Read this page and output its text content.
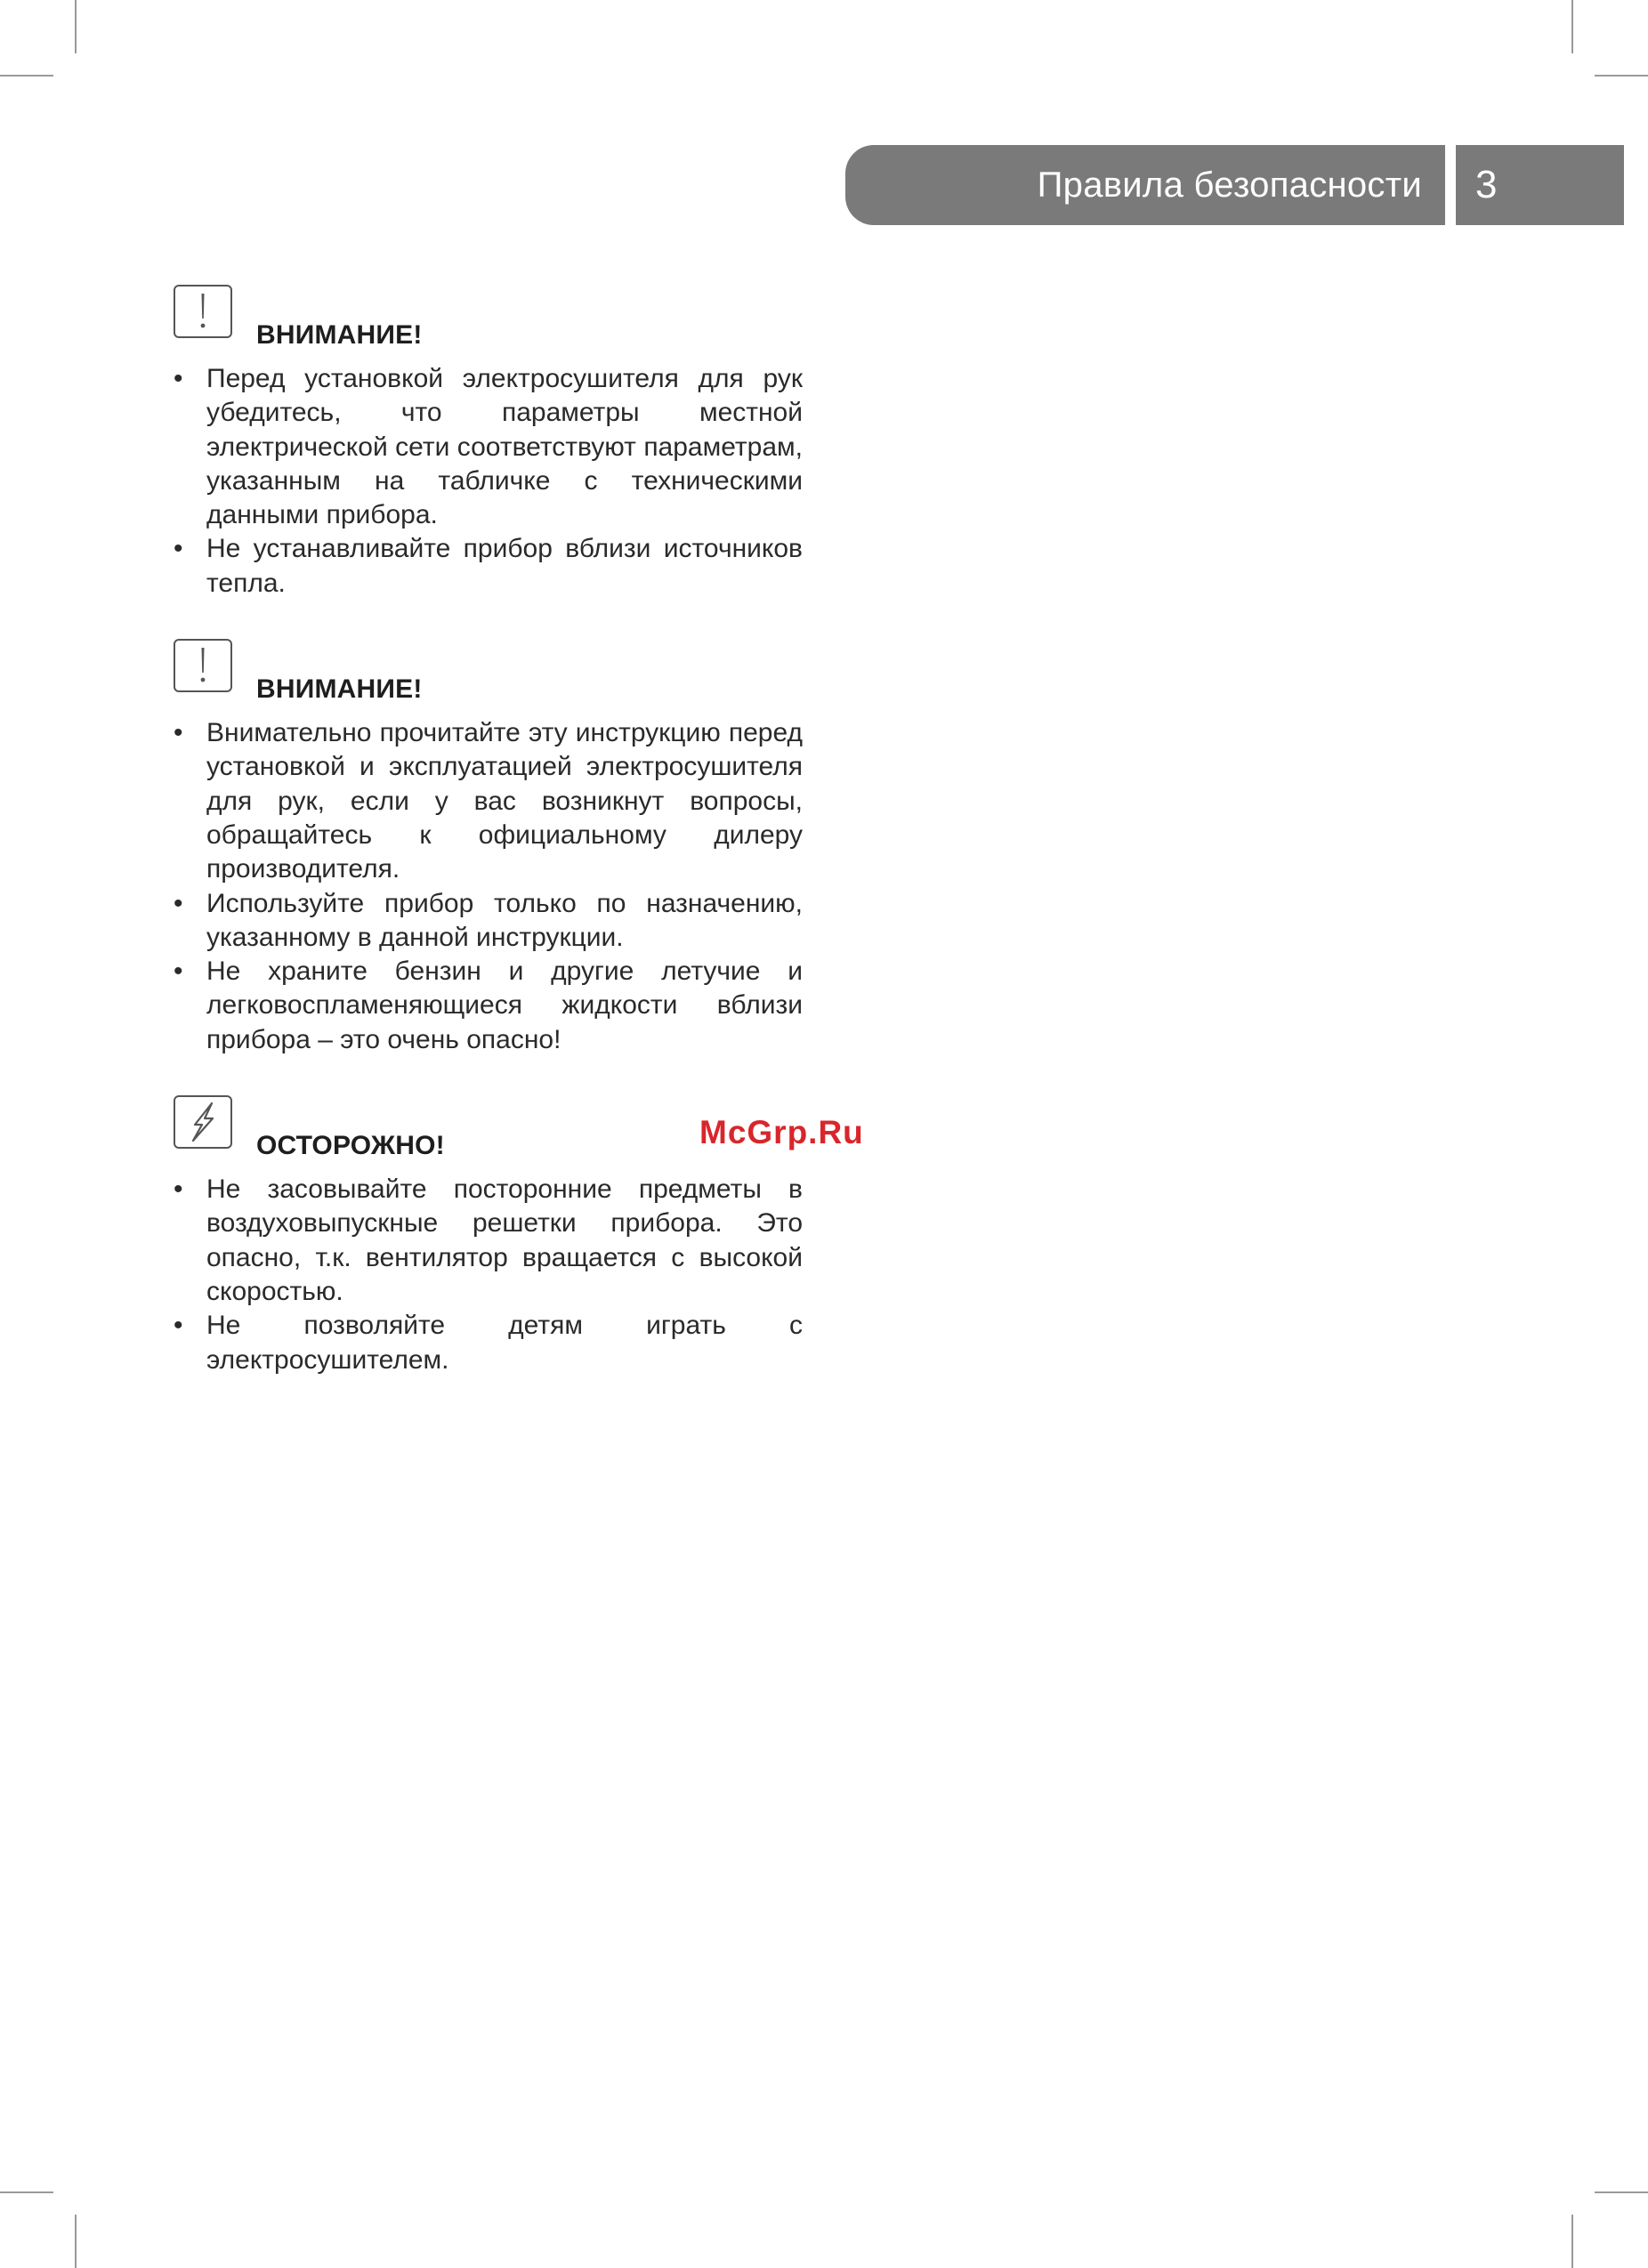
Правила безопасности 3
ВНИМАНИЕ!
• Перед установкой электросушителя для рук убедитесь, что параметры местной электрической сети соответствуют параметрам, указанным на табличке с техническими данными прибора.
• Не устанавливайте прибор вблизи источников тепла.
ВНИМАНИЕ!
• Внимательно прочитайте эту инструкцию перед установкой и эксплуатацией электросушителя для рук, если у вас возникнут вопросы, обращайтесь к официальному дилеру производителя.
• Используйте прибор только по назначению, указанному в данной инструкции.
• Не храните бензин и другие летучие и легковоспламеняющиеся жидкости вблизи прибора – это очень опасно!
ОСТОРОЖНО!
• Не засовывайте посторонние предметы в воздуховыпускные решетки прибора. Это опасно, т.к. вентилятор вращается с высокой скоростью.
• Не позволяйте детям играть с электросушителем.
McGrp.Ru
